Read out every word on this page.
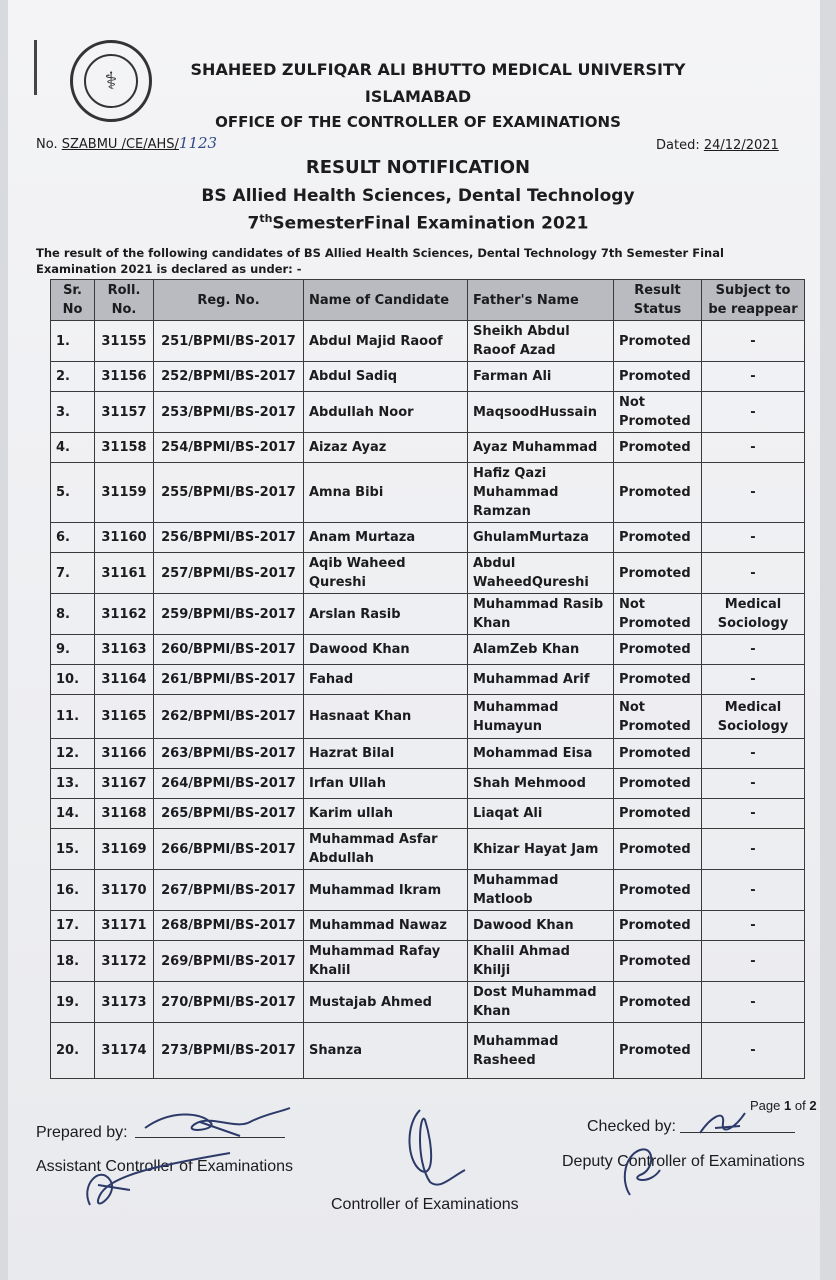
⚕	SHAHEED ZULFIQAR ALI BHUTTO MEDICAL UNIVERSITY
ISLAMABAD
OFFICE OF THE CONTROLLER OF EXAMINATIONS
No. SZABMU /CE/AHS/1123	Dated: 24/12/2021
RESULT NOTIFICATION
BS Allied Health Sciences, Dental Technology
7thSemesterFinal Examination 2021
The result of the following candidates of BS Allied Health Sciences, Dental Technology 7th Semester Final Examination 2021 is declared as under: -
Sr. No	Roll. No.	Reg. No.	Name of Candidate	Father's Name	Result Status	Subject to be reappear
1.	31155	251/BPMI/BS-2017	Abdul Majid Raoof	Sheikh Abdul Raoof Azad	Promoted	-
2.	31156	252/BPMI/BS-2017	Abdul Sadiq	Farman Ali	Promoted	-
3.	31157	253/BPMI/BS-2017	Abdullah Noor	MaqsoodHussain	Not Promoted	-
4.	31158	254/BPMI/BS-2017	Aizaz Ayaz	Ayaz Muhammad	Promoted	-
5.	31159	255/BPMI/BS-2017	Amna Bibi	Hafiz Qazi Muhammad Ramzan	Promoted	-
6.	31160	256/BPMI/BS-2017	Anam Murtaza	GhulamMurtaza	Promoted	-
7.	31161	257/BPMI/BS-2017	Aqib Waheed Qureshi	Abdul WaheedQureshi	Promoted	-
8.	31162	259/BPMI/BS-2017	Arslan Rasib	Muhammad Rasib Khan	Not Promoted	Medical Sociology
9.	31163	260/BPMI/BS-2017	Dawood Khan	AlamZeb Khan	Promoted	-
10.	31164	261/BPMI/BS-2017	Fahad	Muhammad Arif	Promoted	-
11.	31165	262/BPMI/BS-2017	Hasnaat Khan	Muhammad Humayun	Not Promoted	Medical Sociology
12.	31166	263/BPMI/BS-2017	Hazrat Bilal	Mohammad Eisa	Promoted	-
13.	31167	264/BPMI/BS-2017	Irfan Ullah	Shah Mehmood	Promoted	-
14.	31168	265/BPMI/BS-2017	Karim ullah	Liaqat Ali	Promoted	-
15.	31169	266/BPMI/BS-2017	Muhammad Asfar Abdullah	Khizar Hayat Jam	Promoted	-
16.	31170	267/BPMI/BS-2017	Muhammad Ikram	Muhammad Matloob	Promoted	-
17.	31171	268/BPMI/BS-2017	Muhammad Nawaz	Dawood Khan	Promoted	-
18.	31172	269/BPMI/BS-2017	Muhammad Rafay Khalil	Khalil Ahmad Khilji	Promoted	-
19.	31173	270/BPMI/BS-2017	Mustajab Ahmed	Dost Muhammad Khan	Promoted	-
20.	31174	273/BPMI/BS-2017	Shanza	Muhammad Rasheed	Promoted	-
Prepared by:
Assistant Controller of Examinations
Checked by:
Deputy Controller of Examinations
Controller of Examinations
Page 1 of 2
